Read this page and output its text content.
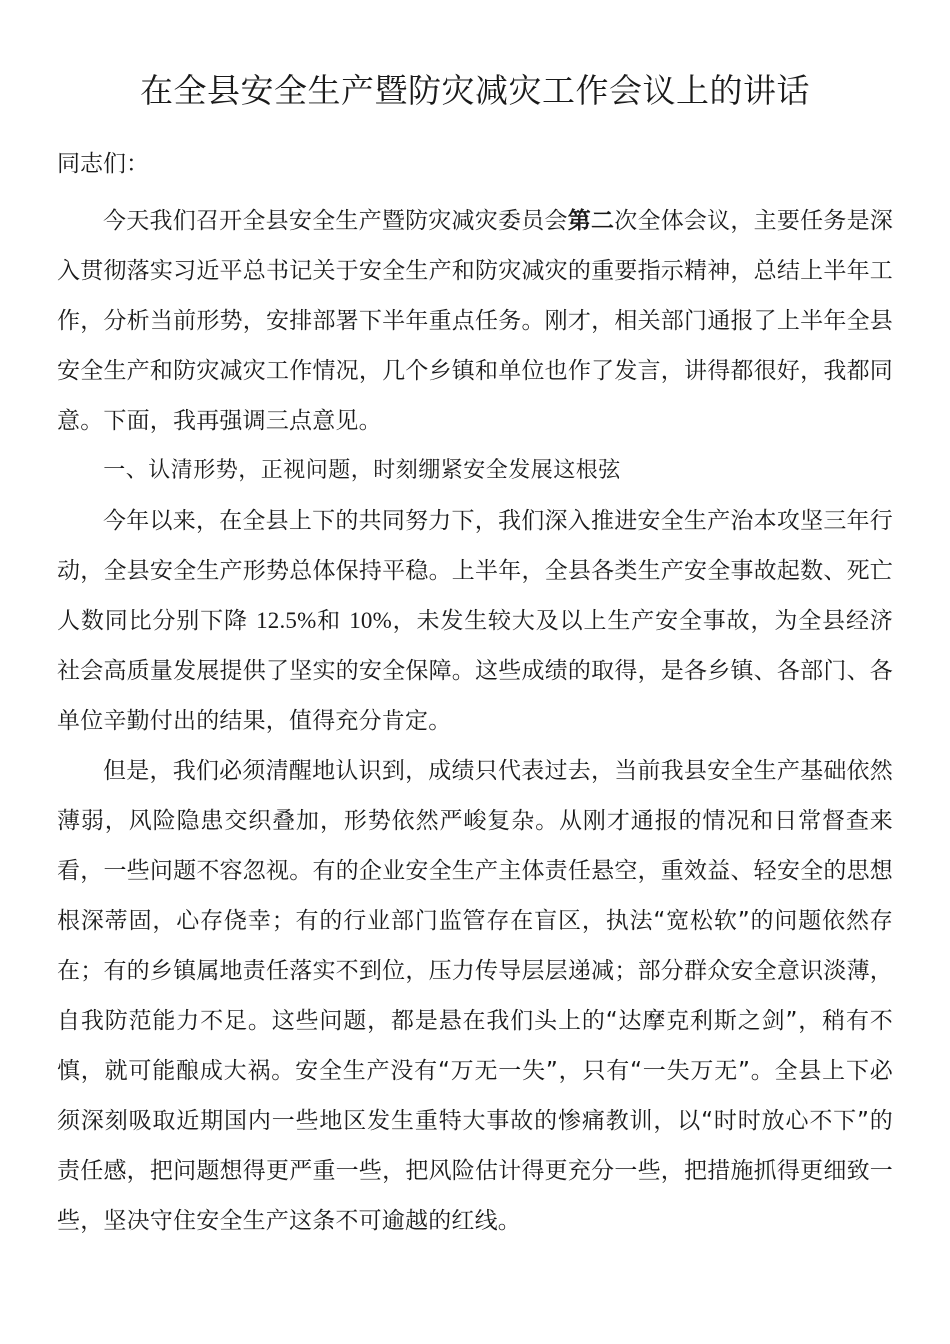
在全县安全生产暨防灾减灾工作会议上的讲话
同志们：

今天我们召开全县安全生产暨防灾减灾委员会第二次全体会议，主要任务是深入贯彻落实习近平总书记关于安全生产和防灾减灾的重要指示精神，总结上半年工作，分析当前形势，安排部署下半年重点任务。刚才，相关部门通报了上半年全县安全生产和防灾减灾工作情况，几个乡镇和单位也作了发言，讲得都很好，我都同意。下面，我再强调三点意见。

一、认清形势，正视问题，时刻绷紧安全发展这根弦

今年以来，在全县上下的共同努力下，我们深入推进安全生产治本攻坚三年行动，全县安全生产形势总体保持平稳。上半年，全县各类生产安全事故起数、死亡人数同比分别下降 12.5%和 10%，未发生较大及以上生产安全事故，为全县经济社会高质量发展提供了坚实的安全保障。这些成绩的取得，是各乡镇、各部门、各单位辛勤付出的结果，值得充分肯定。

但是，我们必须清醒地认识到，成绩只代表过去，当前我县安全生产基础依然薄弱，风险隐患交织叠加，形势依然严峻复杂。从刚才通报的情况和日常督查来看，一些问题不容忽视。有的企业安全生产主体责任悬空，重效益、轻安全的思想根深蒂固，心存侥幸；有的行业部门监管存在盲区，执法“宽松软”的问题依然存在；有的乡镇属地责任落实不到位，压力传导层层递减；部分群众安全意识淡薄，自我防范能力不足。这些问题，都是悬在我们头上的“达摩克利斯之剑”，稍有不慎，就可能酿成大祸。安全生产没有“万无一失”，只有“一失万无”。全县上下必须深刻吸取近期国内一些地区发生重特大事故的惨痛教训，以“时时放心不下”的责任感，把问题想得更严重一些，把风险估计得更充分一些，把措施抓得更细致一些，坚决守住安全生产这条不可逾越的红线。
